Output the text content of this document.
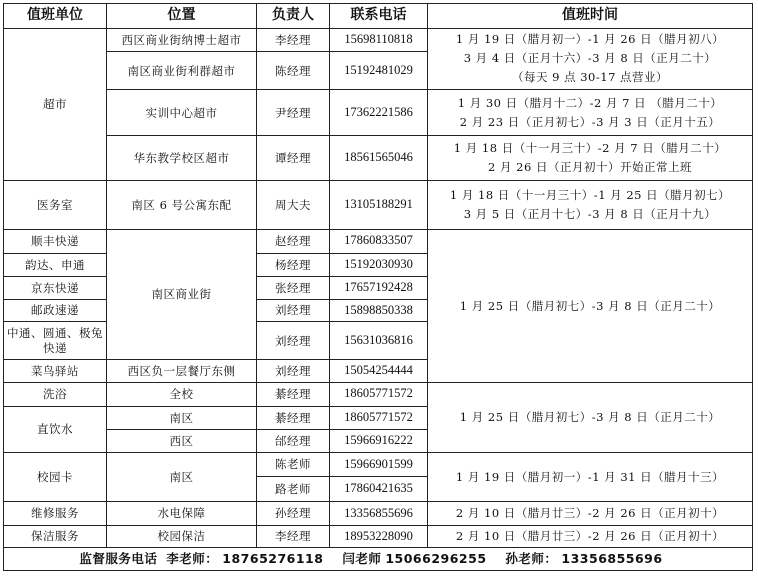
值班单位	位置	负责人	联系电话	值班时间
超市	西区商业街纳博士超市	李经理	15698110818	1 月 19 日（腊月初一）-1 月 26 日（腊月初八）
3 月 4 日（正月十六）-3 月 8 日（正月二十）
（每天 9 点 30-17 点营业）

	南区商业街利群超市	陈经理	15192481029	

	实训中心超市	尹经理	17362221586	1 月 30 日（腊月十二）-2 月 7 日 （腊月二十）
2 月 23 日（正月初七）-3 月 3 日（正月十五）

	华东教学校区超市	谭经理	18561565046	1 月 18 日（十一月三十）-2 月 7 日（腊月二十）
2 月 26 日（正月初十）开始正常上班

医务室	南区 6 号公寓东配	周大夫	13105188291	1 月 18 日（十一月三十）-1 月 25 日（腊月初七）
3 月 5 日（正月十七）-3 月 8 日（正月十九）

顺丰快递	南区商业街	赵经理	17860833507	1 月 25 日（腊月初七）-3 月 8 日（正月二十）
韵达、申通		杨经理	15192030930	
京东快递		张经理	17657192428	
邮政速递		刘经理	15898850338	
中通、圆通、极兔快递		刘经理	15631036816	
菜鸟驿站	西区负一层餐厅东侧	刘经理	15054254444	
洗浴	全校	綦经理	18605771572	1 月 25 日（腊月初七）-3 月 8 日（正月二十）
直饮水	南区	綦经理	18605771572	
	西区	邰经理	15966916222	
校园卡	南区	陈老师	15966901599	1 月 19 日（腊月初一）-1 月 31 日（腊月十三）
		路老师	17860421635	
维修服务	水电保障	孙经理	13356855696	2 月 10 日（腊月廿三）-2 月 26 日（正月初十）
保洁服务	校园保洁	李经理	18953228090	2 月 10 日（腊月廿三）-2 月 26 日（正月初十）
监督服务电话 李老师： 18765276118 闫老师 15066296255 孙老师： 13356855696				
